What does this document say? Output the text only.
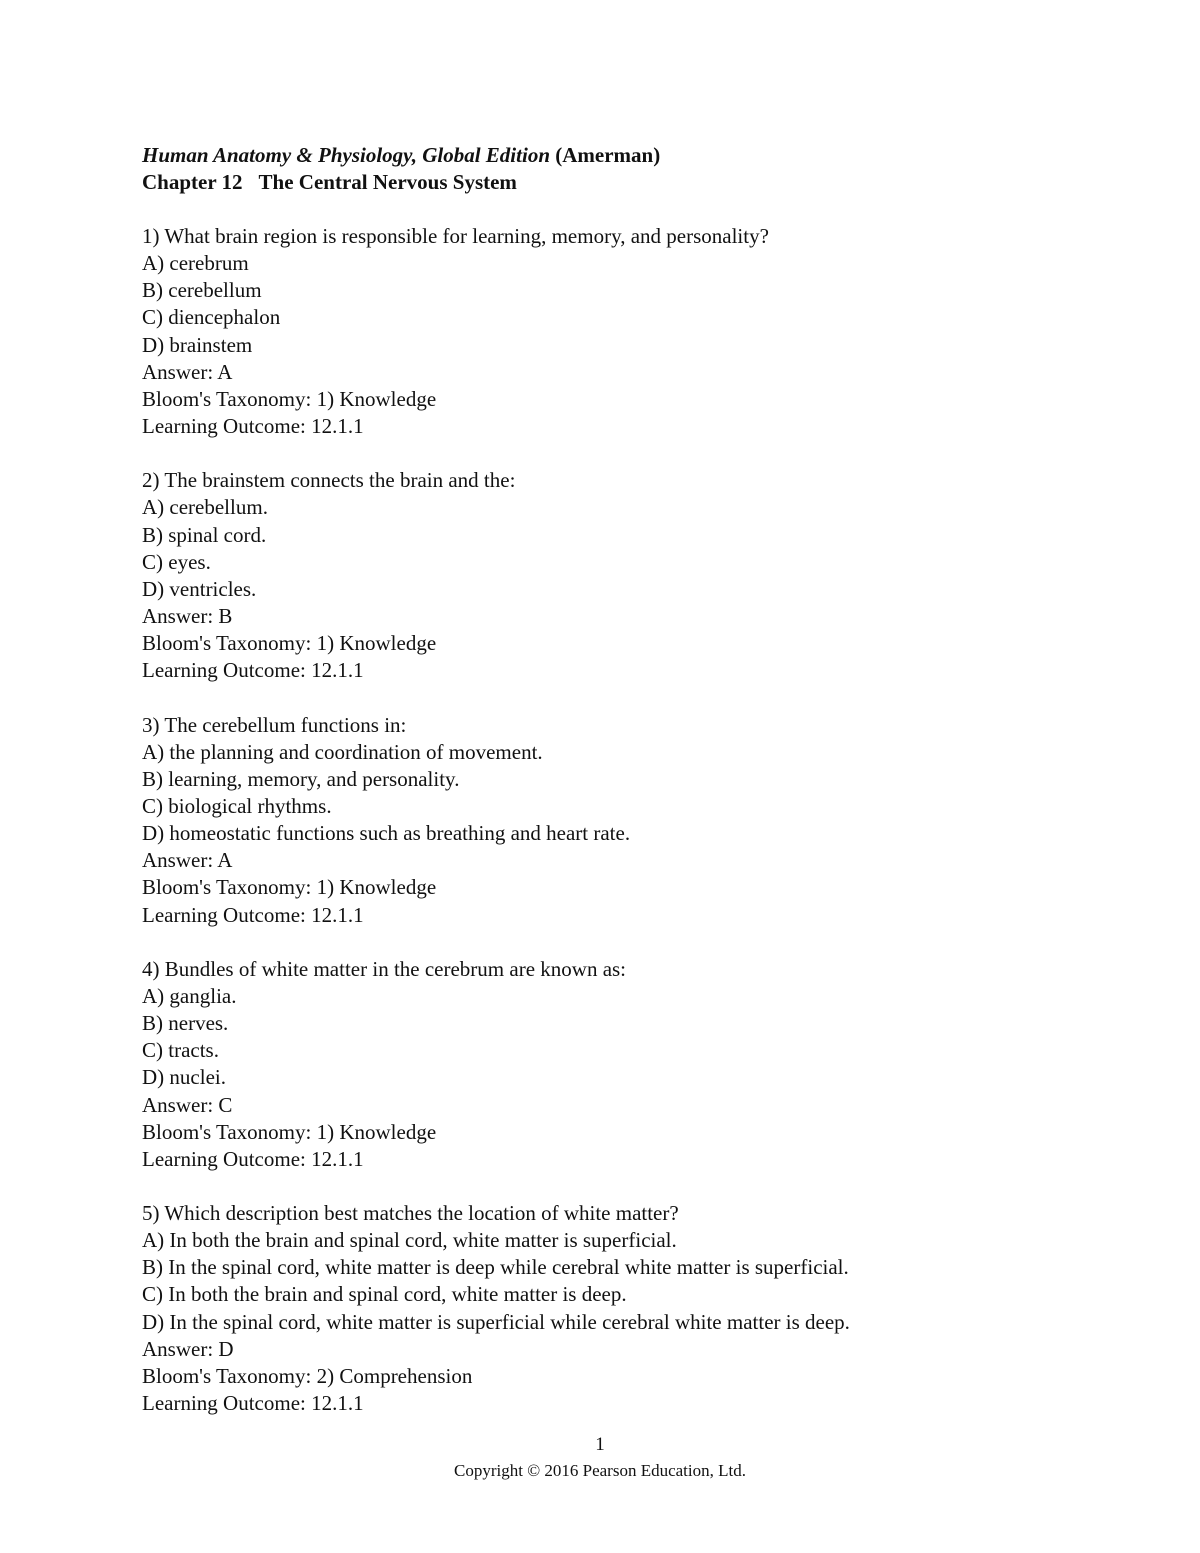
Human Anatomy & Physiology, Global Edition (Amerman)
Chapter 12 The Central Nervous System
1) What brain region is responsible for learning, memory, and personality?
A) cerebrum
B) cerebellum
C) diencephalon
D) brainstem
Answer: A
Bloom's Taxonomy: 1) Knowledge
Learning Outcome: 12.1.1
2) The brainstem connects the brain and the:
A) cerebellum.
B) spinal cord.
C) eyes.
D) ventricles.
Answer: B
Bloom's Taxonomy: 1) Knowledge
Learning Outcome: 12.1.1
3) The cerebellum functions in:
A) the planning and coordination of movement.
B) learning, memory, and personality.
C) biological rhythms.
D) homeostatic functions such as breathing and heart rate.
Answer: A
Bloom's Taxonomy: 1) Knowledge
Learning Outcome: 12.1.1
4) Bundles of white matter in the cerebrum are known as:
A) ganglia.
B) nerves.
C) tracts.
D) nuclei.
Answer: C
Bloom's Taxonomy: 1) Knowledge
Learning Outcome: 12.1.1
5) Which description best matches the location of white matter?
A) In both the brain and spinal cord, white matter is superficial.
B) In the spinal cord, white matter is deep while cerebral white matter is superficial.
C) In both the brain and spinal cord, white matter is deep.
D) In the spinal cord, white matter is superficial while cerebral white matter is deep.
Answer: D
Bloom's Taxonomy: 2) Comprehension
Learning Outcome: 12.1.1
1
Copyright © 2016 Pearson Education, Ltd.
